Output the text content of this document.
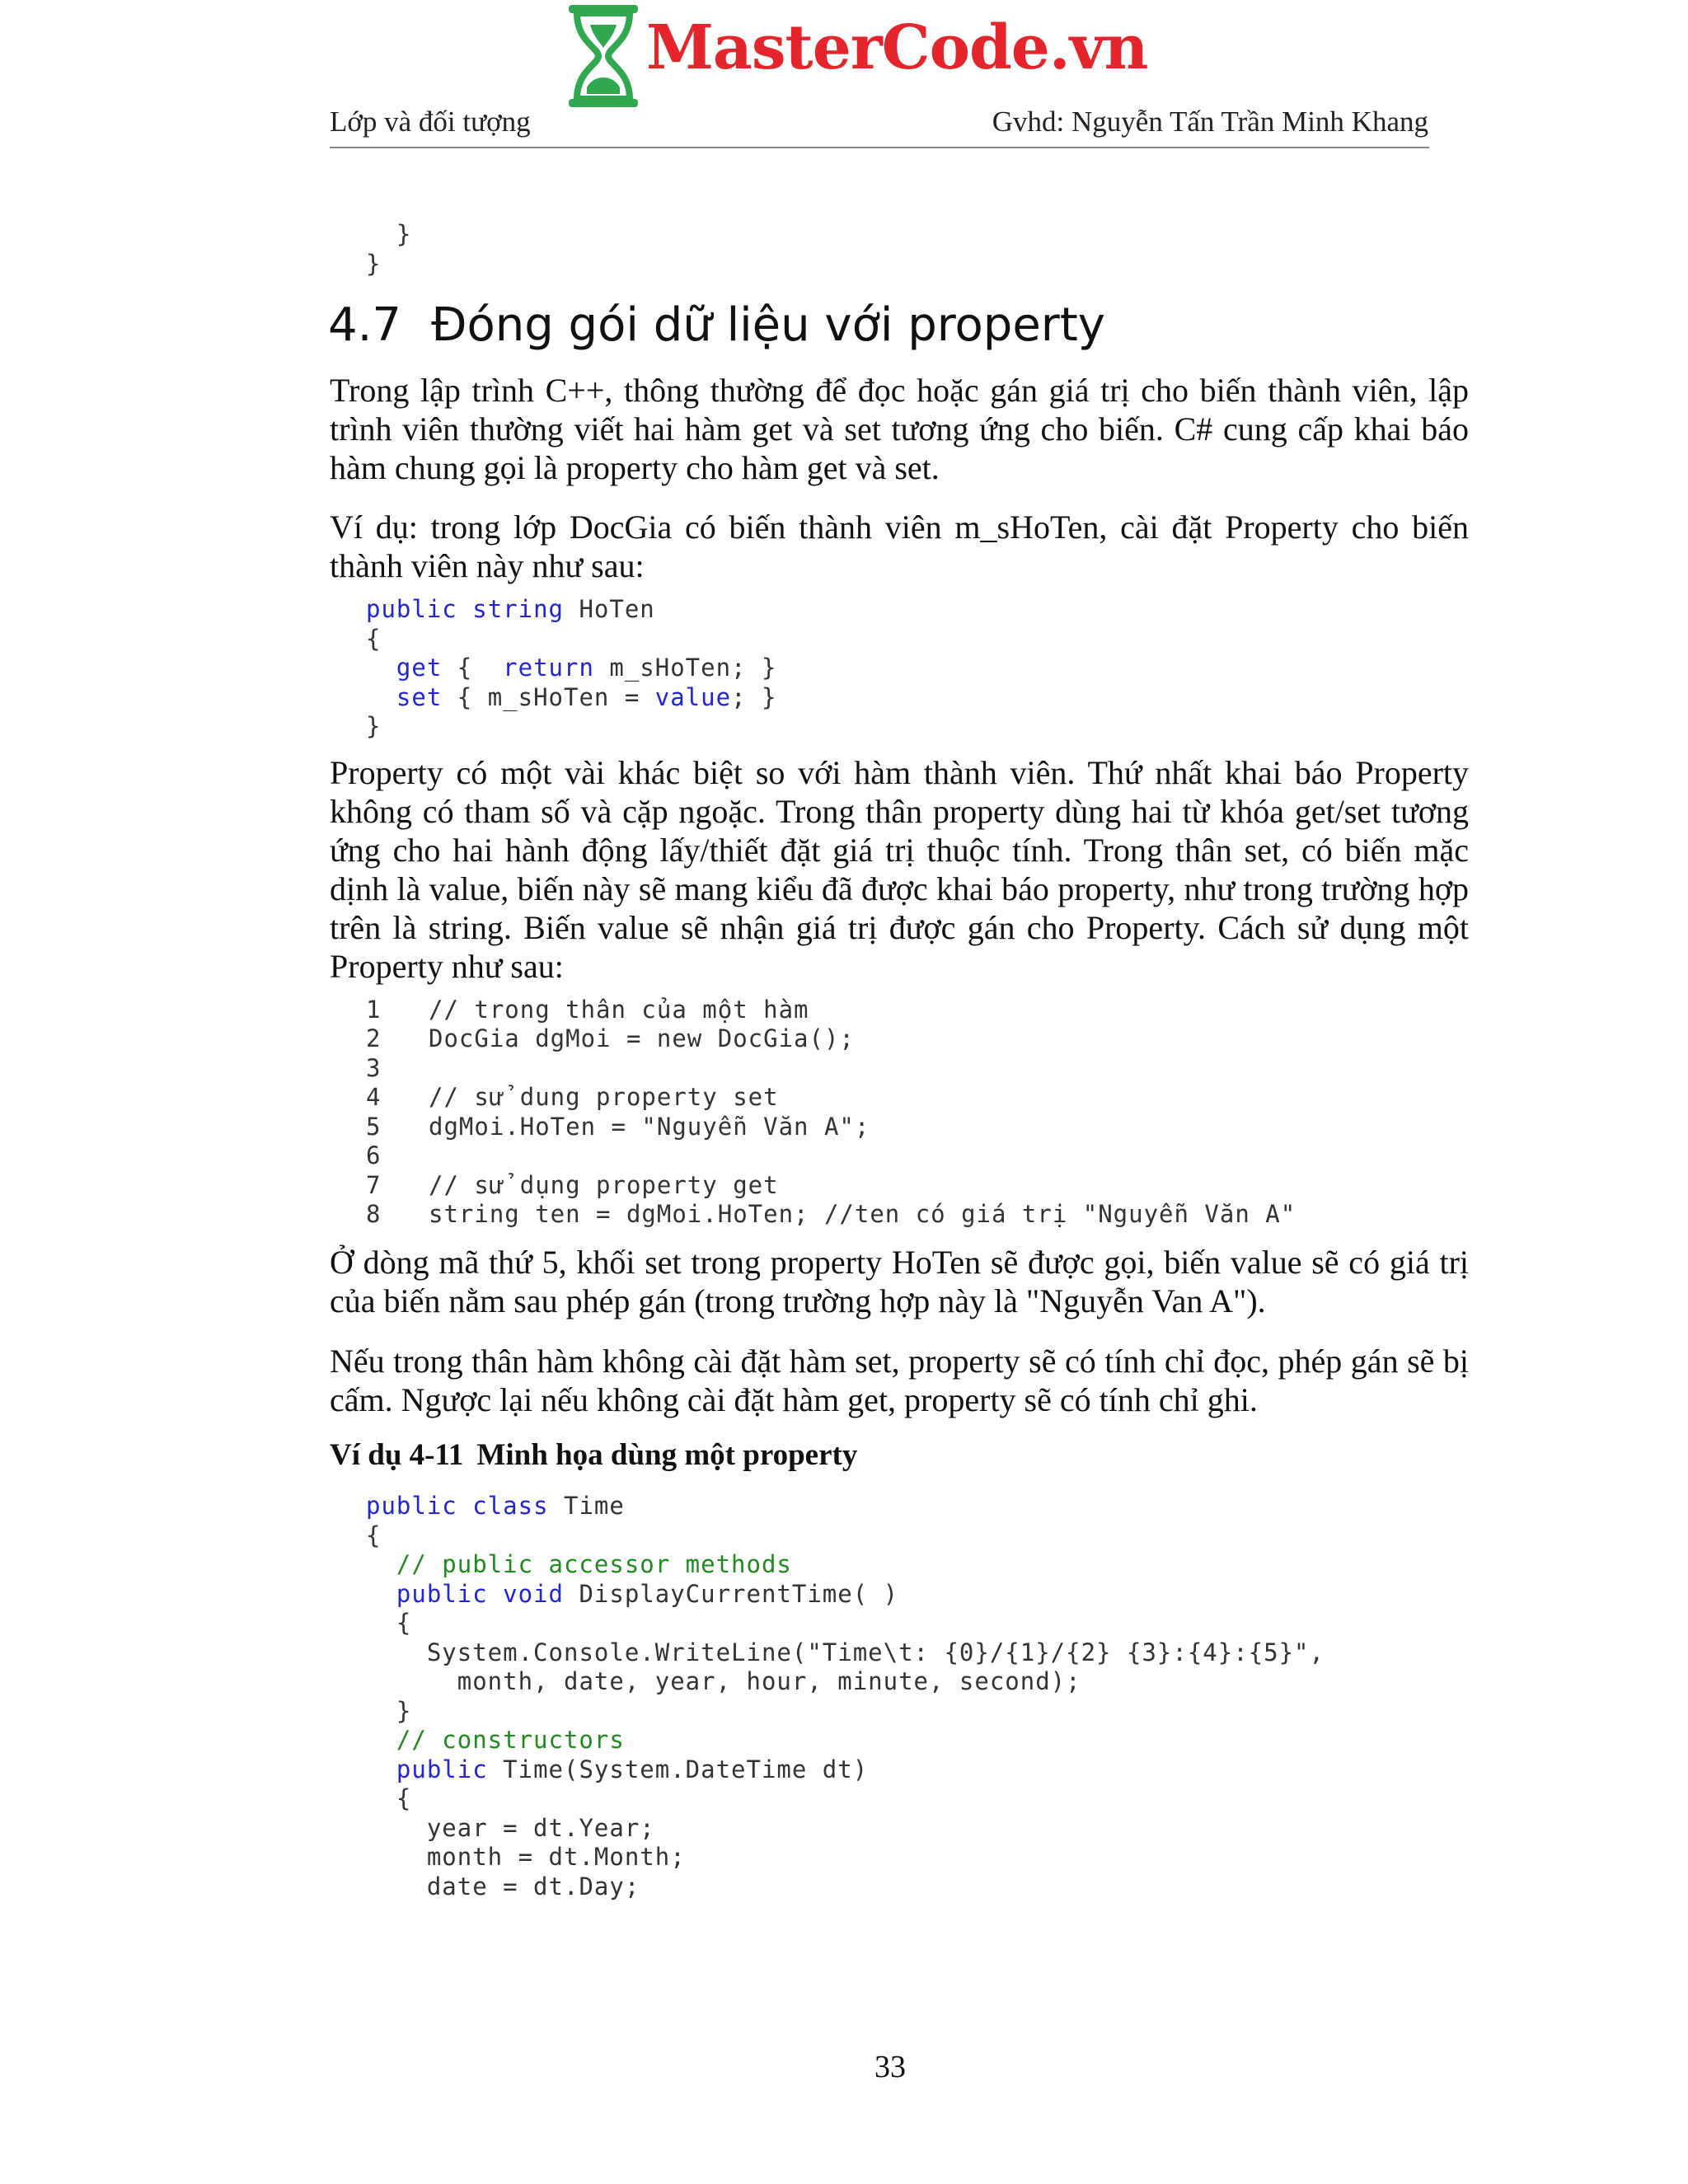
MasterCode.vn
Lớp và đối tượng	Gvhd: Nguyễn Tấn Trần Minh Khang
}
}
4.7 Đóng gói dữ liệu với property

Trong lập trình C++, thông thường để đọc hoặc gán giá trị cho biến thành viên, lập trình viên thường viết hai hàm get và set tương ứng cho biến. C# cung cấp khai báo hàm chung gọi là property cho hàm get và set.

Ví dụ: trong lớp DocGia có biến thành viên m_sHoTen, cài đặt Property cho biến thành viên này như sau:

public string HoTen
{
get {  return m_sHoTen; }
set { m_sHoTen = value; }
}

Property có một vài khác biệt so với hàm thành viên. Thứ nhất khai báo Property không có tham số và cặp ngoặc. Trong thân property dùng hai từ khóa get/set tương ứng cho hai hành động lấy/thiết đặt giá trị thuộc tính. Trong thân set, có biến mặc dịnh là value, biến này sẽ mang kiểu đã được khai báo property, như trong trường hợp trên là string. Biến value sẽ nhận giá trị được gán cho Property. Cách sử dụng một Property như sau:

1	// trong thân của một hàm
2	DocGia dgMoi = new DocGia();
3
4	// sử dung property set
5	dgMoi.HoTen = "Nguyễn Văn A";
6
7	// sử dụng property get
8	string ten = dgMoi.HoTen; //ten có giá trị "Nguyễn Văn A"

Ở dòng mã thứ 5, khối set trong property HoTen sẽ được gọi, biến value sẽ có giá trị của biến nằm sau phép gán (trong trường hợp này là "Nguyễn Van A").

Nếu trong thân hàm không cài đặt hàm set, property sẽ có tính chỉ đọc, phép gán sẽ bị cấm. Ngược lại nếu không cài đặt hàm get, property sẽ có tính chỉ ghi.

Ví dụ 4-11 Minh họa dùng một property
public class Time
{
// public accessor methods
public void DisplayCurrentTime( )
{
System.Console.WriteLine("Time\t: {0}/{1}/{2} {3}:{4}:{5}",
month, date, year, hour, minute, second);
}
// constructors
public Time(System.DateTime dt)
{
year = dt.Year;
month = dt.Month;
date = dt.Day;
33
